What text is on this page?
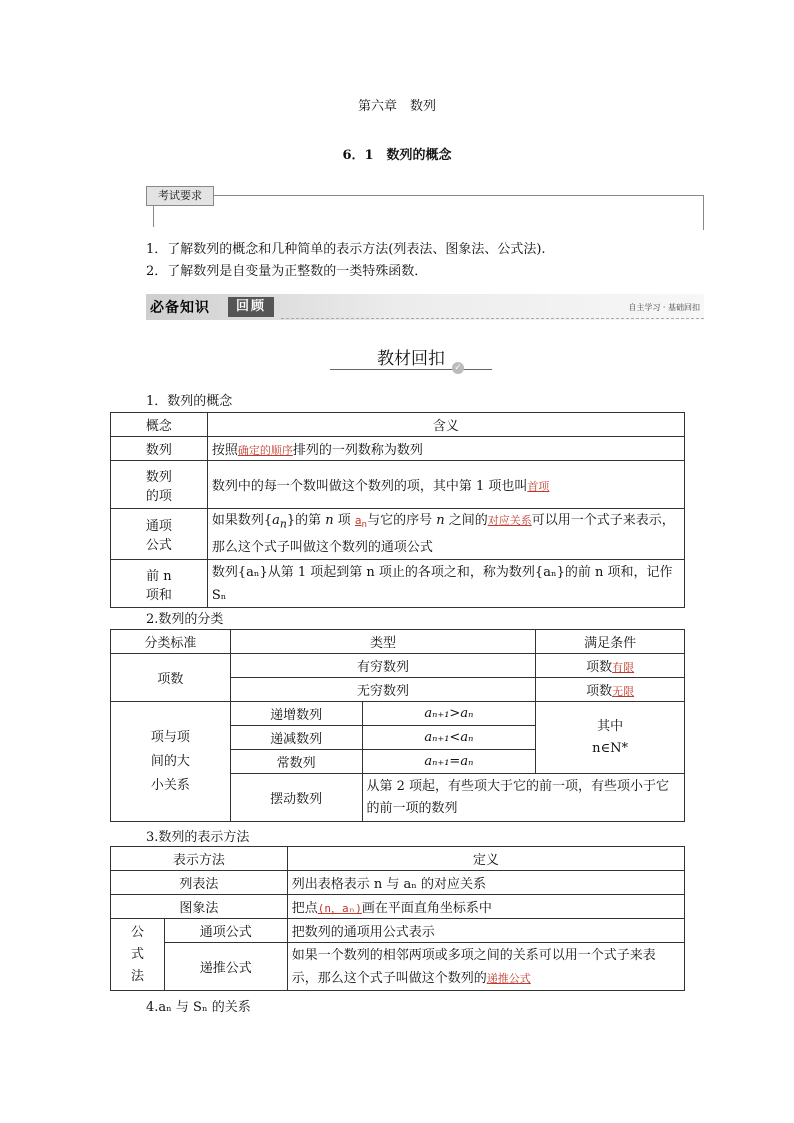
第六章　数列
6．1　数列的概念
考试要求
1．了解数列的概念和几种简单的表示方法(列表法、图象法、公式法).
2．了解数列是自变量为正整数的一类特殊函数．
必备知识	回顾	自主学习 · 基础回扣
教材回扣	✓
1．数列的概念
概念	含义
数列	按照确定的顺序排列的一列数称为数列
数列
的项	数列中的每一个数叫做这个数列的项，其中第 1 项也叫首项
通项
公式	如果数列$\{a_n\}$的第 n 项 $a_n$与它的序号 n 之间的对应关系可以用一个式子来表示，那么这个式子叫做这个数列的通项公式
前 n
项和	数列{aₙ}从第 1 项起到第 n 项止的各项之和，称为数列{aₙ}的前 n 项和，记作 Sₙ
2.数列的分类
分类标准	类型		满足条件
项数	有穷数列		项数有限
	无穷数列		项数无限
项与项
间的大
小关系	递增数列	aₙ₊₁>aₙ	其中
n∈N*
	递减数列	aₙ₊₁<aₙ	
	常数列	aₙ₊₁=aₙ	
	摆动数列	从第 2 项起，有些项大于它的前一项，有些项小于它的前一项的数列	
3.数列的表示方法
表示方法		定义
列表法		列出表格表示 n 与 aₙ 的对应关系
图象法		把点(n，aₙ)画在平面直角坐标系中
公
式
法	通项公式	把数列的通项用公式表示
	递推公式	如果一个数列的相邻两项或多项之间的关系可以用一个式子来表示，那么这个式子叫做这个数列的递推公式
4.aₙ 与 Sₙ 的关系
